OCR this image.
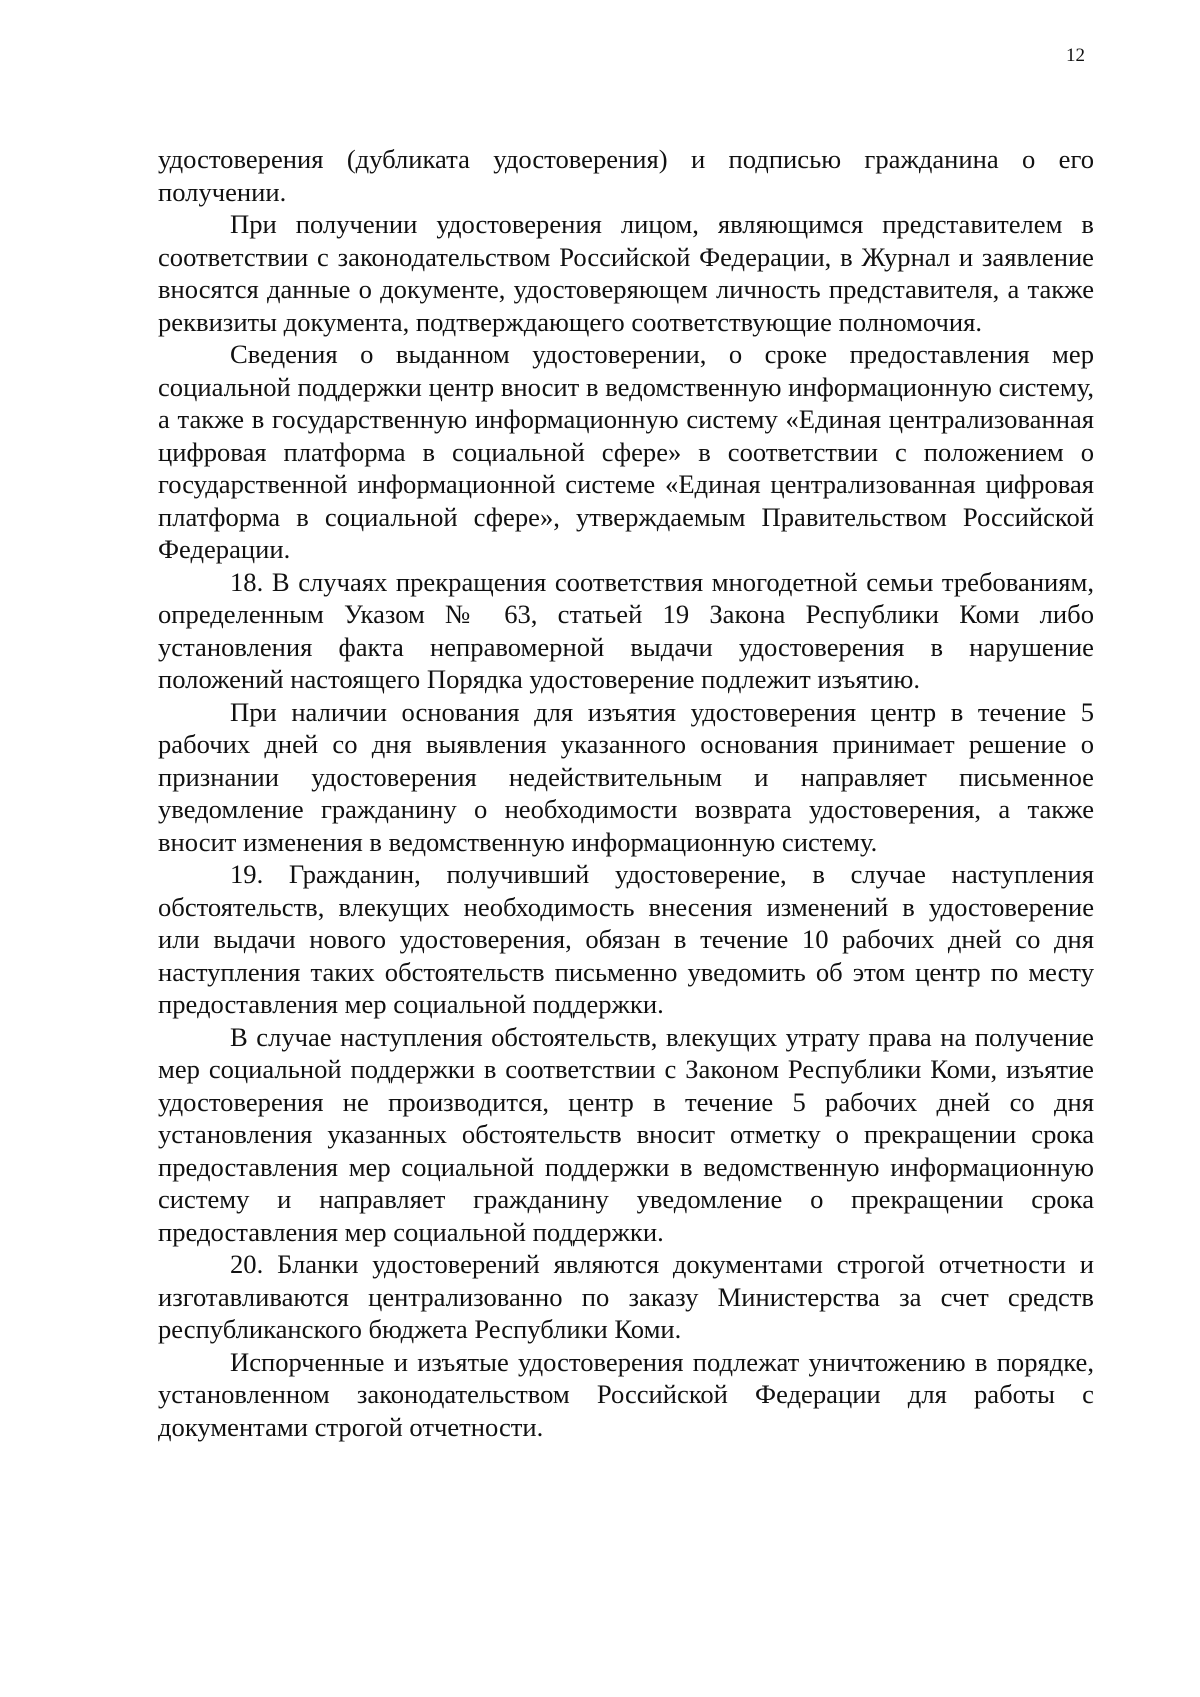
12

удостоверения (дубликата удостоверения) и подписью гражданина о его получении.

При получении удостоверения лицом, являющимся представителем в соответствии с законодательством Российской Федерации, в Журнал и заявление вносятся данные о документе, удостоверяющем личность представителя, а также реквизиты документа, подтверждающего соответствующие полномочия.

Сведения о выданном удостоверении, о сроке предоставления мер социальной поддержки центр вносит в ведомственную информационную систему, а также в государственную информационную систему «Единая централизованная цифровая платформа в социальной сфере» в соответствии с положением о государственной информационной системе «Единая централизованная цифровая платформа в социальной сфере», утверждаемым Правительством Российской Федерации.

18. В случаях прекращения соответствия многодетной семьи требованиям, определенным Указом № 63, статьей 19 Закона Республики Коми либо установления факта неправомерной выдачи удостоверения в нарушение положений настоящего Порядка удостоверение подлежит изъятию.

При наличии основания для изъятия удостоверения центр в течение 5 рабочих дней со дня выявления указанного основания принимает решение о признании удостоверения недействительным и направляет письменное уведомление гражданину о необходимости возврата удостоверения, а также вносит изменения в ведомственную информационную систему.

19. Гражданин, получивший удостоверение, в случае наступления обстоятельств, влекущих необходимость внесения изменений в удостоверение или выдачи нового удостоверения, обязан в течение 10 рабочих дней со дня наступления таких обстоятельств письменно уведомить об этом центр по месту предоставления мер социальной поддержки.

В случае наступления обстоятельств, влекущих утрату права на получение мер социальной поддержки в соответствии с Законом Республики Коми, изъятие удостоверения не производится, центр в течение 5 рабочих дней со дня установления указанных обстоятельств вносит отметку о прекращении срока предоставления мер социальной поддержки в ведомственную информационную систему и направляет гражданину уведомление о прекращении срока предоставления мер социальной поддержки.

20. Бланки удостоверений являются документами строгой отчетности и изготавливаются централизованно по заказу Министерства за счет средств республиканского бюджета Республики Коми.

Испорченные и изъятые удостоверения подлежат уничтожению в порядке, установленном законодательством Российской Федерации для работы с документами строгой отчетности.
